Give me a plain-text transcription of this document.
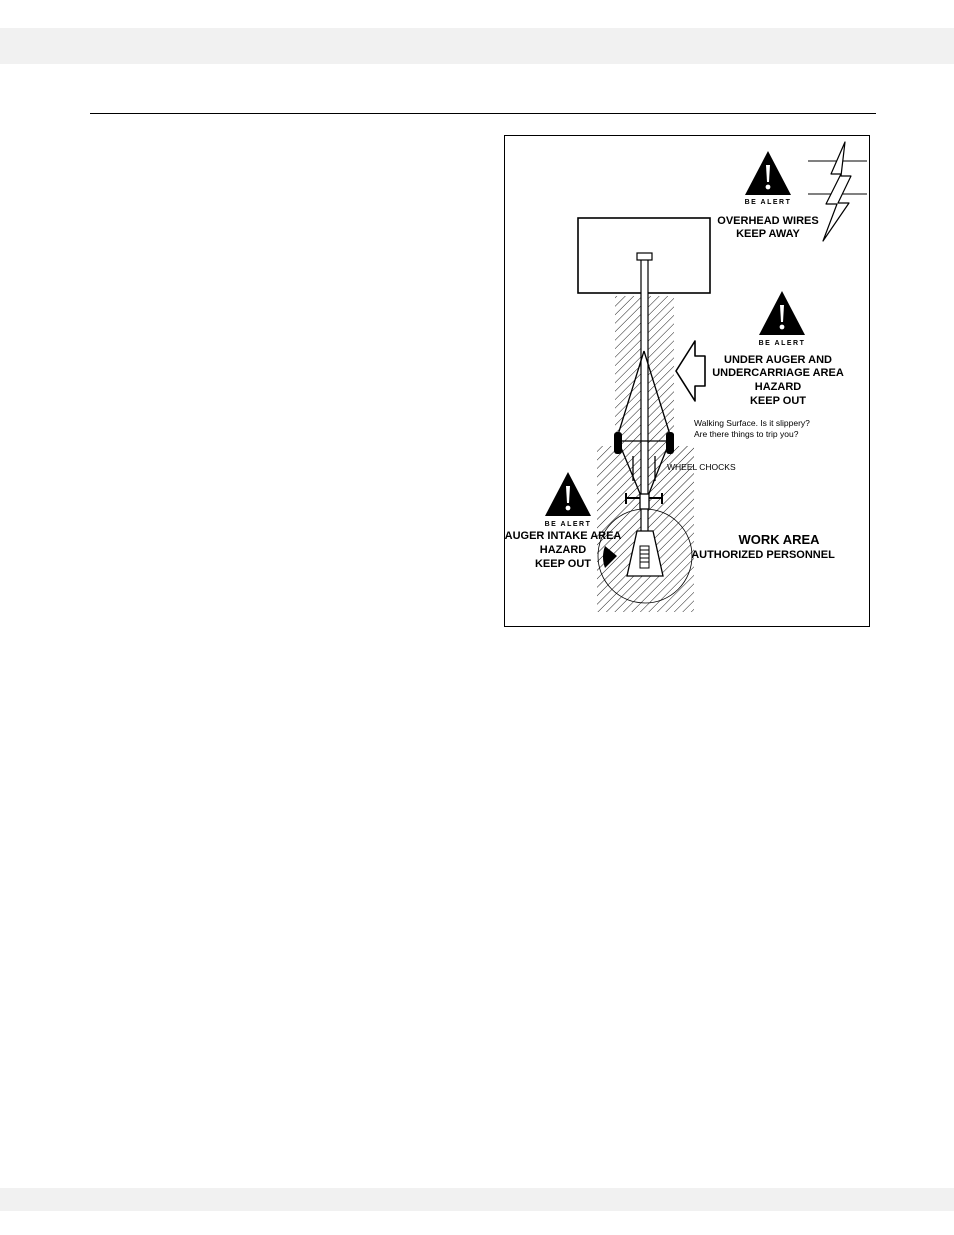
BE ALERT
BE ALERT
BE ALERT
OVERHEAD WIRES
KEEP AWAY
UNDER AUGER AND
UNDERCARRIAGE AREA
HAZARD
KEEP OUT
Walking Surface. Is it slippery?
Are there things to trip you?
WHEEL CHOCKS
AUGER INTAKE AREA
HAZARD
KEEP OUT
WORK AREA
AUTHORIZED PERSONNEL
